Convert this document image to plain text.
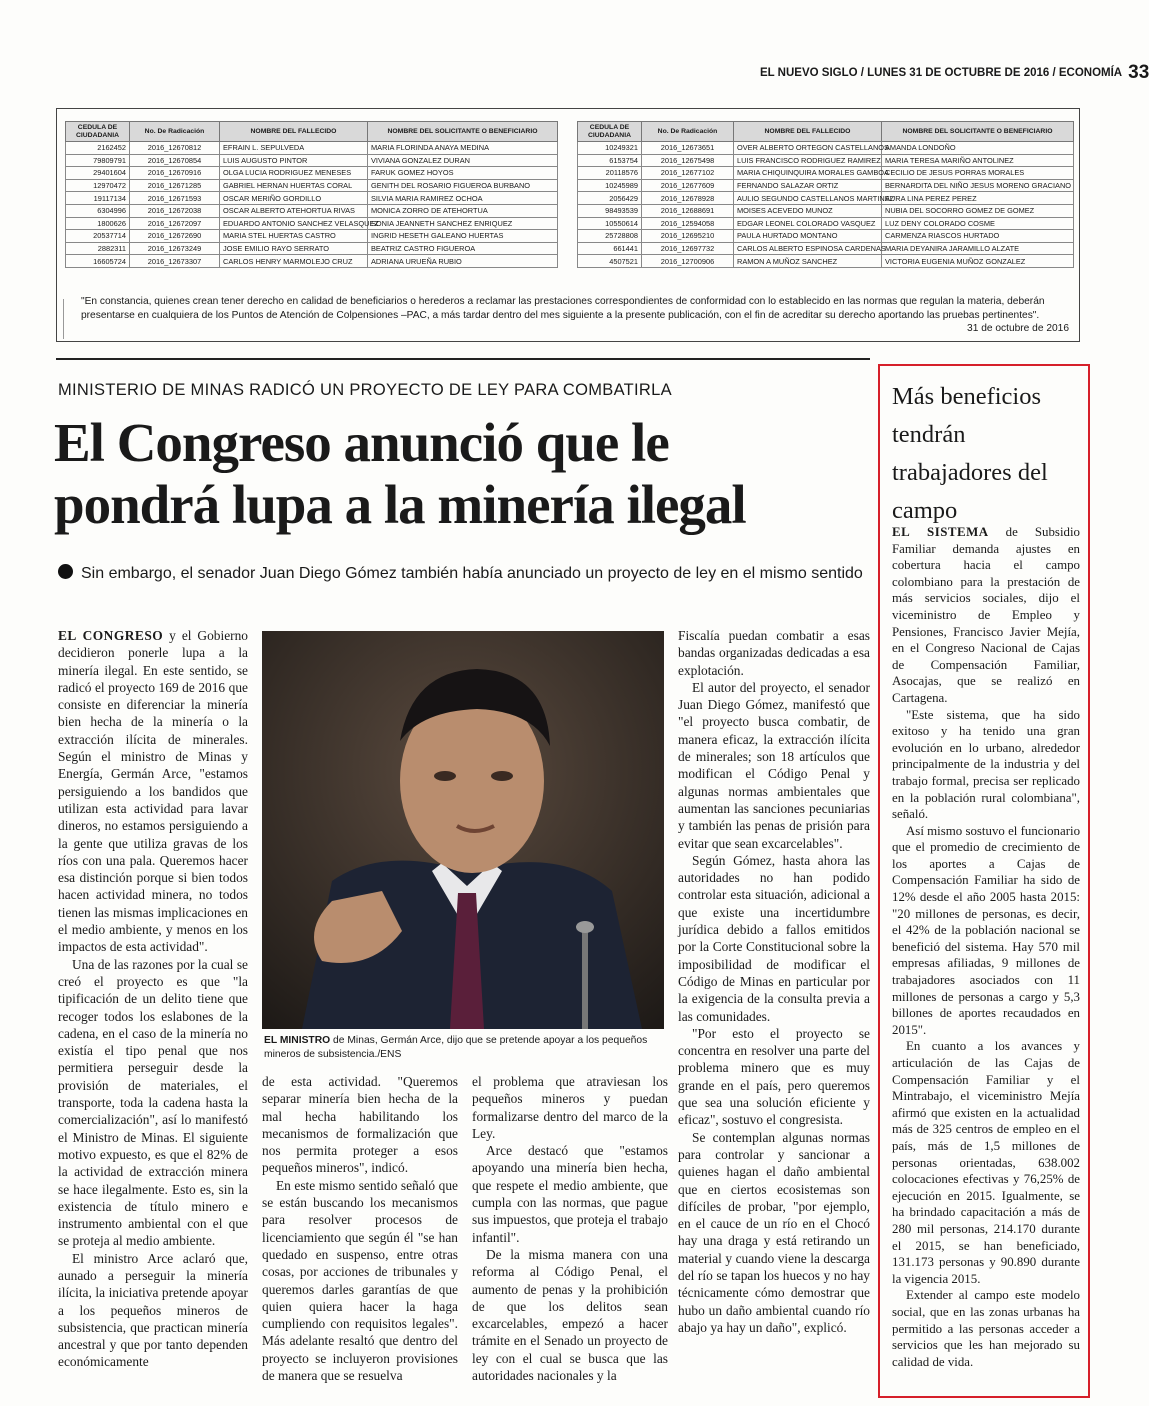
EL NUEVO SIGLO / LUNES 31 DE OCTUBRE DE 2016 / ECONOMÍA 33
CEDULA DE CIUDADANIA	No. De Radicación	NOMBRE DEL FALLECIDO	NOMBRE DEL SOLICITANTE O BENEFICIARIO
2162452	2016_12670812	EFRAIN L. SEPULVEDA	MARIA FLORINDA ANAYA MEDINA
79809791	2016_12670854	LUIS AUGUSTO PINTOR	VIVIANA GONZALEZ DURAN
29401604	2016_12670916	OLGA LUCIA RODRIGUEZ MENESES	FARUK GOMEZ HOYOS
12970472	2016_12671285	GABRIEL HERNAN HUERTAS CORAL	GENITH DEL ROSARIO FIGUEROA BURBANO
19117134	2016_12671593	OSCAR MERIÑO GORDILLO	SILVIA MARIA RAMIREZ OCHOA
6304996	2016_12672038	OSCAR ALBERTO ATEHORTUA RIVAS	MONICA ZORRO DE ATEHORTUA
1800626	2016_12672097	EDUARDO ANTONIO SANCHEZ VELASQUEZ	SONIA JEANNETH SANCHEZ ENRIQUEZ
20537714	2016_12672690	MARIA STEL HUERTAS CASTRO	INGRID HESETH GALEANO HUERTAS
2882311	2016_12673249	JOSE EMILIO RAYO SERRATO	BEATRIZ CASTRO FIGUEROA
16605724	2016_12673307	CARLOS HENRY MARMOLEJO CRUZ	ADRIANA URUEÑA RUBIO
CEDULA DE CIUDADANIA	No. De Radicación	NOMBRE DEL FALLECIDO	NOMBRE DEL SOLICITANTE O BENEFICIARIO
10249321	2016_12673651	OVER ALBERTO ORTEGON CASTELLANOS	AMANDA LONDOÑO
6153754	2016_12675498	LUIS FRANCISCO RODRIGUEZ RAMIREZ	MARIA TERESA MARIÑO ANTOLINEZ
20118576	2016_12677102	MARIA CHIQUINQUIRA MORALES GAMBOA	CECILIO DE JESUS PORRAS MORALES
10245989	2016_12677609	FERNANDO SALAZAR ORTIZ	BERNARDITA DEL NIÑO JESUS MORENO GRACIANO
2056429	2016_12678928	AULIO SEGUNDO CASTELLANOS MARTINEZ	AURA LINA PEREZ PEREZ
98493539	2016_12688691	MOISES ACEVEDO MUNOZ	NUBIA DEL SOCORRO GOMEZ DE GOMEZ
10550614	2016_12594058	EDGAR LEONEL COLORADO VASQUEZ	LUZ DENY COLORADO COSME
25728808	2016_12695210	PAULA HURTADO MONTANO	CARMENZA RIASCOS HURTADO
661441	2016_12697732	CARLOS ALBERTO ESPINOSA CARDENAS	MARIA DEYANIRA JARAMILLO ALZATE
4507521	2016_12700906	RAMON A MUÑOZ SANCHEZ	VICTORIA EUGENIA MUÑOZ GONZALEZ
"En constancia, quienes crean tener derecho en calidad de beneficiarios o herederos a reclamar las prestaciones correspondientes de conformidad con lo establecido en las normas que regulan la materia, deberán presentarse en cualquiera de los Puntos de Atención de Colpensiones –PAC, a más tardar dentro del mes siguiente a la presente publicación, con el fin de acreditar su derecho aportando las pruebas pertinentes".
31 de octubre de 2016
MINISTERIO DE MINAS RADICÓ UN PROYECTO DE LEY PARA COMBATIRLA
El Congreso anunció que le
pondrá lupa a la minería ilegal
Sin embargo, el senador Juan Diego Gómez también había anunciado un proyecto de ley en el mismo sentido

EL CONGRESO y el Gobierno decidieron ponerle lupa a la minería ilegal. En este sentido, se radicó el proyecto 169 de 2016 que consiste en diferenciar la minería bien hecha de la minería o la extracción ilícita de minerales. Según el ministro de Minas y Energía, Germán Arce, "estamos persiguiendo a los bandidos que utilizan esta actividad para lavar dineros, no estamos persiguiendo a la gente que utiliza gravas de los ríos con una pala. Queremos hacer esa distinción porque si bien todos hacen actividad minera, no todos tienen las mismas implicaciones en el medio ambiente, y menos en los impactos de esta actividad".

Una de las razones por la cual se creó el proyecto es que "la tipificación de un delito tiene que recoger todos los eslabones de la cadena, en el caso de la minería no existía el tipo penal que nos permitiera perseguir desde la provisión de materiales, el transporte, toda la cadena hasta la comercialización", así lo manifestó el Ministro de Minas. El siguiente motivo expuesto, es que el 82% de la actividad de extracción minera se hace ilegalmente. Esto es, sin la existencia de título minero e instrumento ambiental con el que se proteja al medio ambiente.

El ministro Arce aclaró que, aunado a perseguir la minería ilícita, la iniciativa pretende apoyar a los pequeños mineros de subsistencia, que practican minería ancestral y que por tanto dependen económicamente

EL MINISTRO de Minas, Germán Arce, dijo que se pretende apoyar a los pequeños mineros de subsistencia./ENS

de esta actividad. "Queremos separar minería bien hecha de la mal hecha habilitando los mecanismos de formalización que nos permita proteger a esos pequeños mineros", indicó.

En este mismo sentido señaló que se están buscando los mecanismos para resolver procesos de licenciamiento que según él "se han quedado en suspenso, entre otras cosas, por acciones de tribunales y queremos darles garantías de que quien quiera hacer la haga cumpliendo con requisitos legales". Más adelante resaltó que dentro del proyecto se incluyeron provisiones de manera que se resuelva

el problema que atraviesan los pequeños mineros y puedan formalizarse dentro del marco de la Ley.

Arce destacó que "estamos apoyando una minería bien hecha, que respete el medio ambiente, que cumpla con las normas, que pague sus impuestos, que proteja el trabajo infantil".

De la misma manera con una reforma al Código Penal, el aumento de penas y la prohibición de que los delitos sean excarcelables, empezó a hacer trámite en el Senado un proyecto de ley con el cual se busca que las autoridades nacionales y la

Fiscalía puedan combatir a esas bandas organizadas dedicadas a esa explotación.

El autor del proyecto, el senador Juan Diego Gómez, manifestó que "el proyecto busca combatir, de manera eficaz, la extracción ilícita de minerales; son 18 artículos que modifican el Código Penal y algunas normas ambientales que aumentan las sanciones pecuniarias y también las penas de prisión para evitar que sean excarcelables".

Según Gómez, hasta ahora las autoridades no han podido controlar esta situación, adicional a que existe una incertidumbre jurídica debido a fallos emitidos por la Corte Constitucional sobre la imposibilidad de modificar el Código de Minas en particular por la exigencia de la consulta previa a las comunidades.

"Por esto el proyecto se concentra en resolver una parte del problema minero que es muy grande en el país, pero queremos que sea una solución eficiente y eficaz", sostuvo el congresista.

Se contemplan algunas normas para controlar y sancionar a quienes hagan el daño ambiental que en ciertos ecosistemas son difíciles de probar, "por ejemplo, en el cauce de un río en el Chocó hay una draga y está retirando un material y cuando viene la descarga del río se tapan los huecos y no hay técnicamente cómo demostrar que hubo un daño ambiental cuando río abajo ya hay un daño", explicó.

Más beneficios tendrán trabajadores del campo

EL SISTEMA de Subsidio Familiar demanda ajustes en cobertura hacia el campo colombiano para la prestación de más servicios sociales, dijo el viceministro de Empleo y Pensiones, Francisco Javier Mejía, en el Congreso Nacional de Cajas de Compensación Familiar, Asocajas, que se realizó en Cartagena.

"Este sistema, que ha sido exitoso y ha tenido una gran evolución en lo urbano, alrededor principalmente de la industria y del trabajo formal, precisa ser replicado en la población rural colombiana", señaló.

Así mismo sostuvo el funcionario que el promedio de crecimiento de los aportes a Cajas de Compensación Familiar ha sido de 12% desde el año 2005 hasta 2015: "20 millones de personas, es decir, el 42% de la población nacional se benefició del sistema. Hay 570 mil empresas afiliadas, 9 millones de trabajadores asociados con 11 millones de personas a cargo y 5,3 billones de aportes recaudados en 2015".

En cuanto a los avances y articulación de las Cajas de Compensación Familiar y el Mintrabajo, el viceministro Mejía afirmó que existen en la actualidad más de 325 centros de empleo en el país, más de 1,5 millones de personas orientadas, 638.002 colocaciones efectivas y 76,25% de ejecución en 2015. Igualmente, se ha brindado capacitación a más de 280 mil personas, 214.170 durante el 2015, se han beneficiado, 131.173 personas y 90.890 durante la vigencia 2015.

Extender al campo este modelo social, que en las zonas urbanas ha permitido a las personas acceder a servicios que les han mejorado su calidad de vida.
